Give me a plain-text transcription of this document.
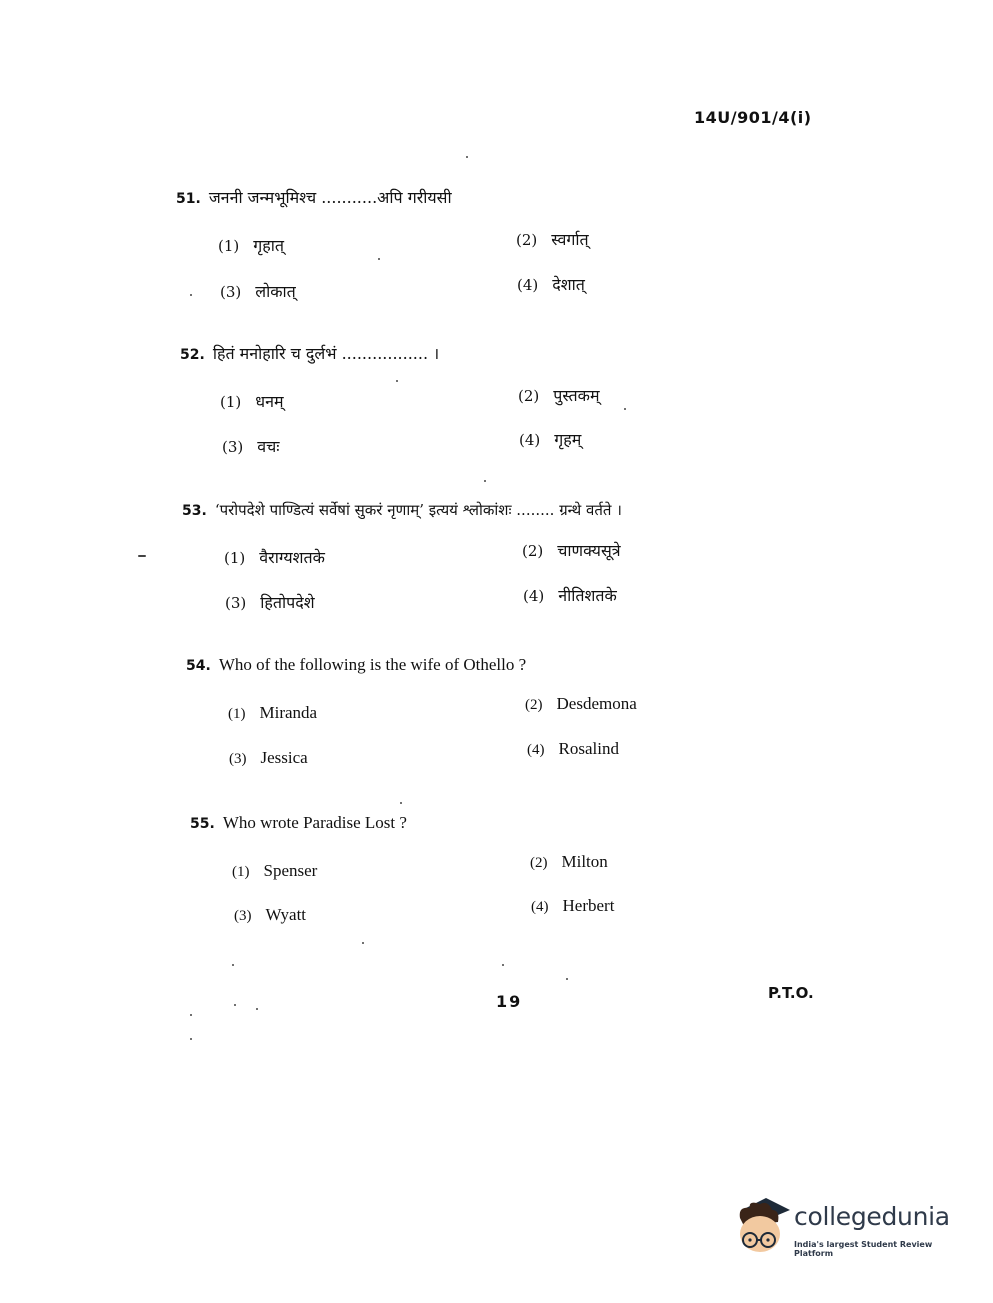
14U/901/4(i)
51. जननी जन्मभूमिश्च ...........अपि गरीयसी
(1) गृहात्	(2) स्वर्गात्
(3) लोकात्	(4) देशात्
52. हितं मनोहारि च दुर्लभं ................. ।
(1) धनम्	(2) पुस्तकम्
(3) वचः	(4) गृहम्
53. ‘परोपदेशे पाण्डित्यं सर्वेषां सुकरं नृणाम्’ इत्ययं श्लोकांशः ........ ग्रन्थे वर्तते ।
(1) वैराग्यशतके	(2) चाणक्यसूत्रे
(3) हितोपदेशे	(4) नीतिशतके
54. Who of the following is the wife of Othello ?
(1) Miranda	(2) Desdemona
(3) Jessica	(4) Rosalind
55. Who wrote Paradise Lost ?
(1) Spenser	(2) Milton
(3) Wyatt	(4) Herbert
19	P.T.O.
collegedunia
India's largest Student Review Platform
